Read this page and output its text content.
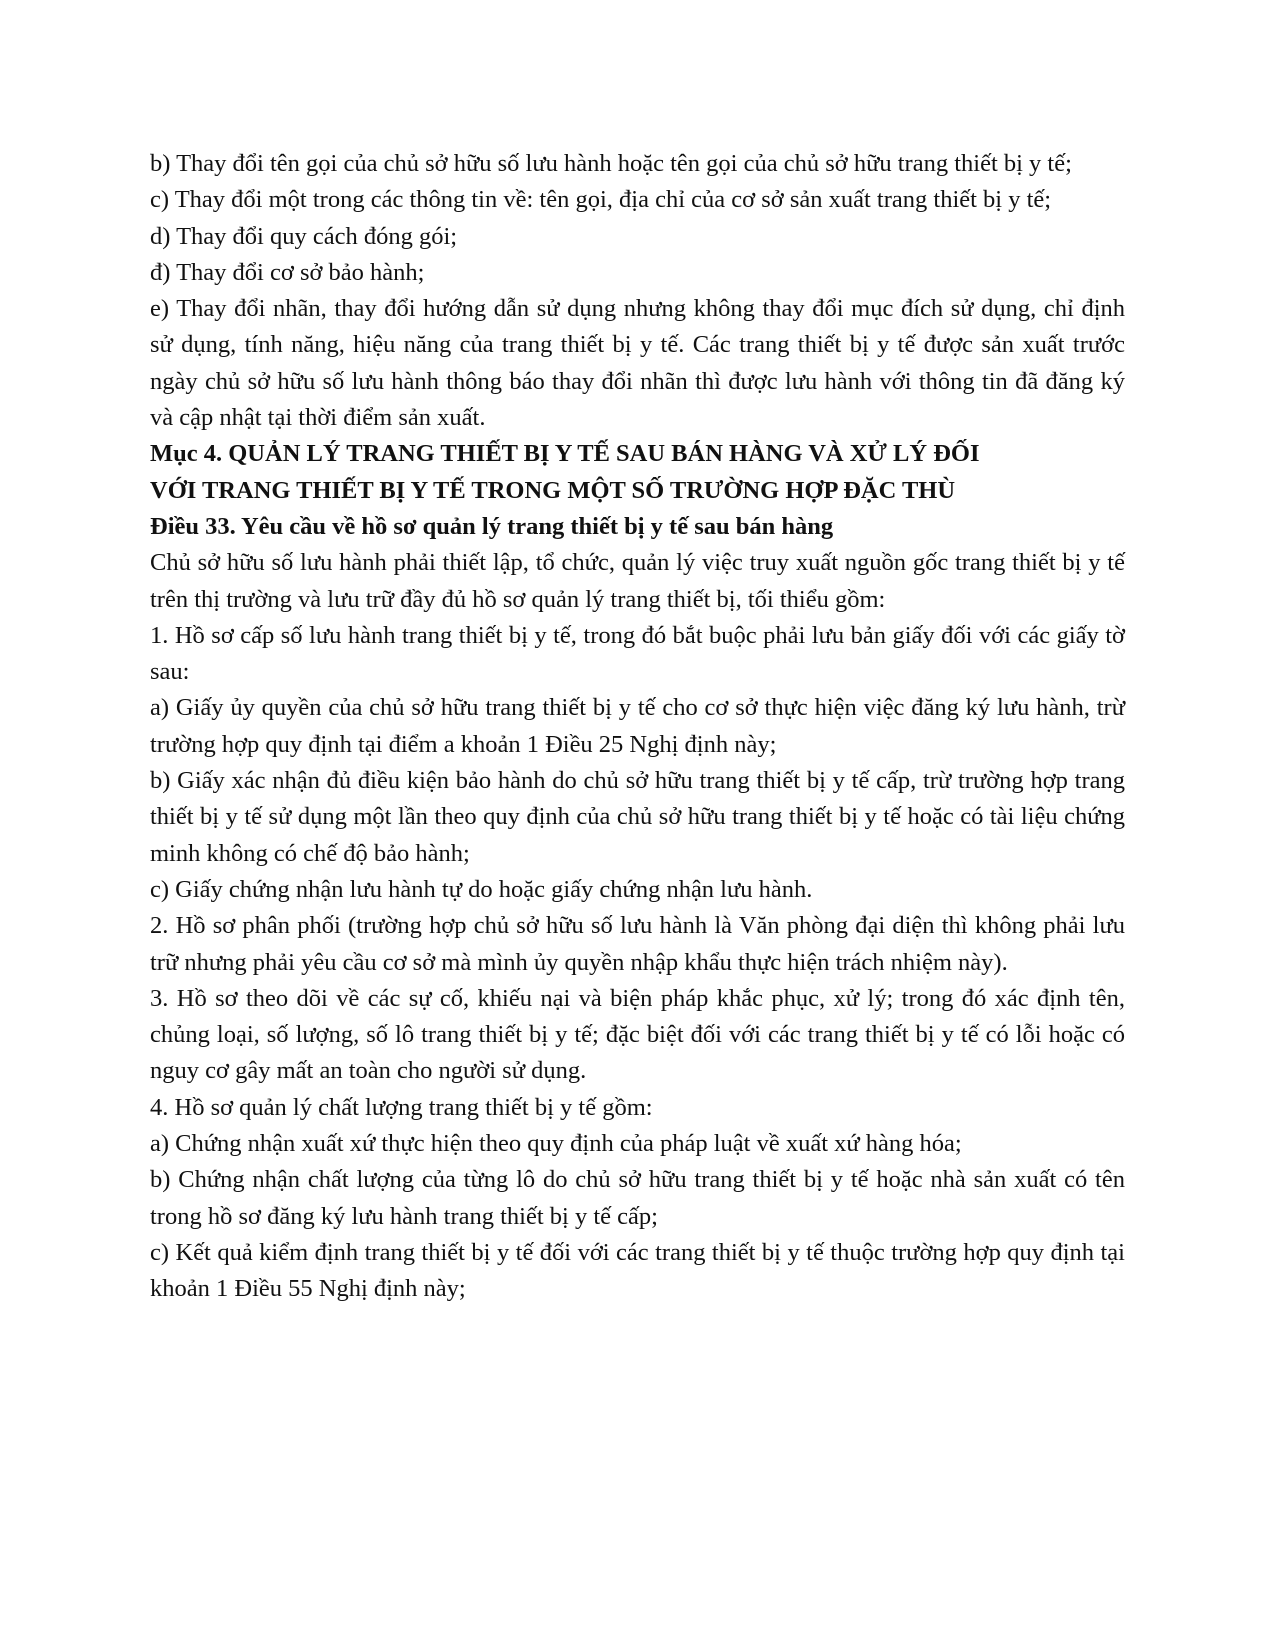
b) Thay đổi tên gọi của chủ sở hữu số lưu hành hoặc tên gọi của chủ sở hữu trang thiết bị y tế;

c) Thay đổi một trong các thông tin về: tên gọi, địa chỉ của cơ sở sản xuất trang thiết bị y tế;

d) Thay đổi quy cách đóng gói;

đ) Thay đổi cơ sở bảo hành;

e) Thay đổi nhãn, thay đổi hướng dẫn sử dụng nhưng không thay đổi mục đích sử dụng, chỉ định sử dụng, tính năng, hiệu năng của trang thiết bị y tế. Các trang thiết bị y tế được sản xuất trước ngày chủ sở hữu số lưu hành thông báo thay đổi nhãn thì được lưu hành với thông tin đã đăng ký và cập nhật tại thời điểm sản xuất.

Mục 4. QUẢN LÝ TRANG THIẾT BỊ Y TẾ SAU BÁN HÀNG VÀ XỬ LÝ ĐỐI

VỚI TRANG THIẾT BỊ Y TẾ TRONG MỘT SỐ TRƯỜNG HỢP ĐẶC THÙ

Điều 33. Yêu cầu về hồ sơ quản lý trang thiết bị y tế sau bán hàng

Chủ sở hữu số lưu hành phải thiết lập, tổ chức, quản lý việc truy xuất nguồn gốc trang thiết bị y tế trên thị trường và lưu trữ đầy đủ hồ sơ quản lý trang thiết bị, tối thiểu gồm:

1. Hồ sơ cấp số lưu hành trang thiết bị y tế, trong đó bắt buộc phải lưu bản giấy đối với các giấy tờ sau:

a) Giấy ủy quyền của chủ sở hữu trang thiết bị y tế cho cơ sở thực hiện việc đăng ký lưu hành, trừ trường hợp quy định tại điểm a khoản 1 Điều 25 Nghị định này;

b) Giấy xác nhận đủ điều kiện bảo hành do chủ sở hữu trang thiết bị y tế cấp, trừ trường hợp trang thiết bị y tế sử dụng một lần theo quy định của chủ sở hữu trang thiết bị y tế hoặc có tài liệu chứng minh không có chế độ bảo hành;

c) Giấy chứng nhận lưu hành tự do hoặc giấy chứng nhận lưu hành.

2. Hồ sơ phân phối (trường hợp chủ sở hữu số lưu hành là Văn phòng đại diện thì không phải lưu trữ nhưng phải yêu cầu cơ sở mà mình ủy quyền nhập khẩu thực hiện trách nhiệm này).

3. Hồ sơ theo dõi về các sự cố, khiếu nại và biện pháp khắc phục, xử lý; trong đó xác định tên, chủng loại, số lượng, số lô trang thiết bị y tế; đặc biệt đối với các trang thiết bị y tế có lỗi hoặc có nguy cơ gây mất an toàn cho người sử dụng.

4. Hồ sơ quản lý chất lượng trang thiết bị y tế gồm:

a) Chứng nhận xuất xứ thực hiện theo quy định của pháp luật về xuất xứ hàng hóa;

b) Chứng nhận chất lượng của từng lô do chủ sở hữu trang thiết bị y tế hoặc nhà sản xuất có tên trong hồ sơ đăng ký lưu hành trang thiết bị y tế cấp;

c) Kết quả kiểm định trang thiết bị y tế đối với các trang thiết bị y tế thuộc trường hợp quy định tại khoản 1 Điều 55 Nghị định này;
